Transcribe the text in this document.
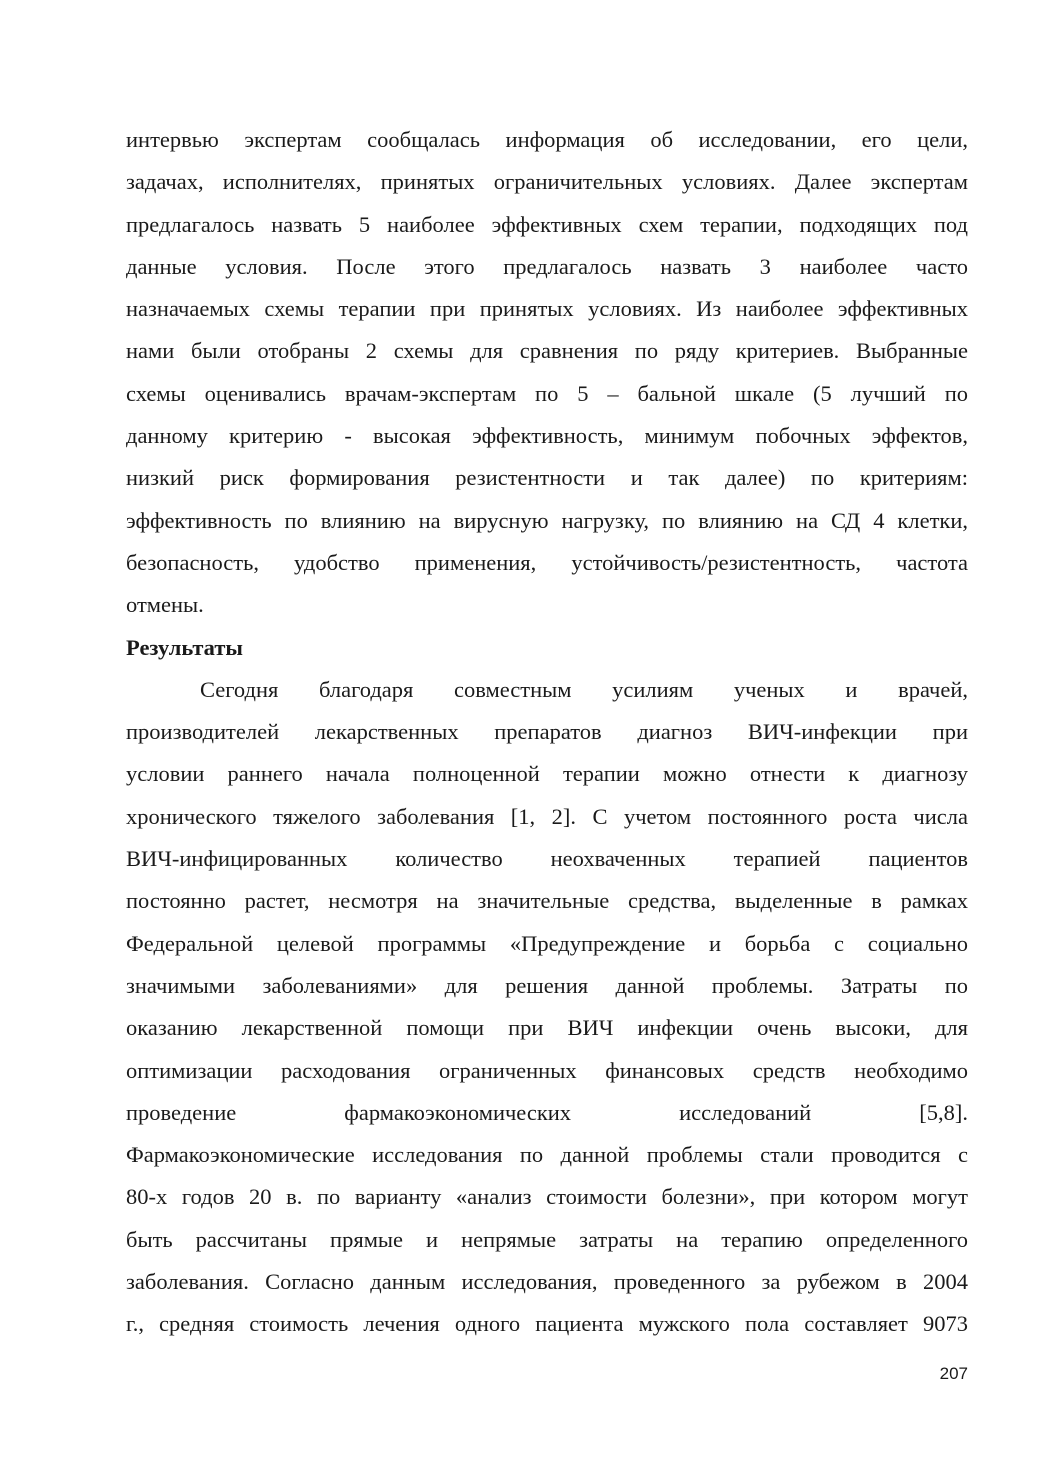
интервью экспертам сообщалась информация об исследовании, его цели,
задачах, исполнителях, принятых ограничительных условиях. Далее экспертам
предлагалось назвать 5 наиболее эффективных схем терапии, подходящих под
данные условия. После этого предлагалось назвать 3 наиболее часто
назначаемых схемы терапии при принятых условиях. Из наиболее эффективных
нами были отобраны 2 схемы для сравнения по ряду критериев. Выбранные
схемы оценивались врачам-экспертам по 5 – бальной шкале (5 лучший по
данному критерию - высокая эффективность, минимум побочных эффектов,
низкий риск формирования резистентности и так далее) по критериям:
эффективность по влиянию на вирусную нагрузку, по влиянию на СД 4 клетки,
безопасность, удобство применения, устойчивость/резистентность, частота
отмены.
Результаты
Сегодня благодаря совместным усилиям ученых и врачей,
производителей лекарственных препаратов диагноз ВИЧ-инфекции при
условии раннего начала полноценной терапии можно отнести к диагнозу
хронического тяжелого заболевания [1, 2]. С учетом постоянного роста числа
ВИЧ-инфицированных количество неохваченных терапией пациентов
постоянно растет, несмотря на значительные средства, выделенные в рамках
Федеральной целевой программы «Предупреждение и борьба с социально
значимыми заболеваниями» для решения данной проблемы. Затраты по
оказанию лекарственной помощи при ВИЧ инфекции очень высоки, для
оптимизации расходования ограниченных финансовых средств необходимо
проведение фармакоэкономических исследований [5,8].
Фармакоэкономические исследования по данной проблемы стали проводится с
80-х годов 20 в. по варианту «анализ стоимости болезни», при котором могут
быть рассчитаны прямые и непрямые затраты на терапию определенного
заболевания. Согласно данным исследования, проведенного за рубежом в 2004
г., средняя стоимость лечения одного пациента мужского пола составляет 9073
207
